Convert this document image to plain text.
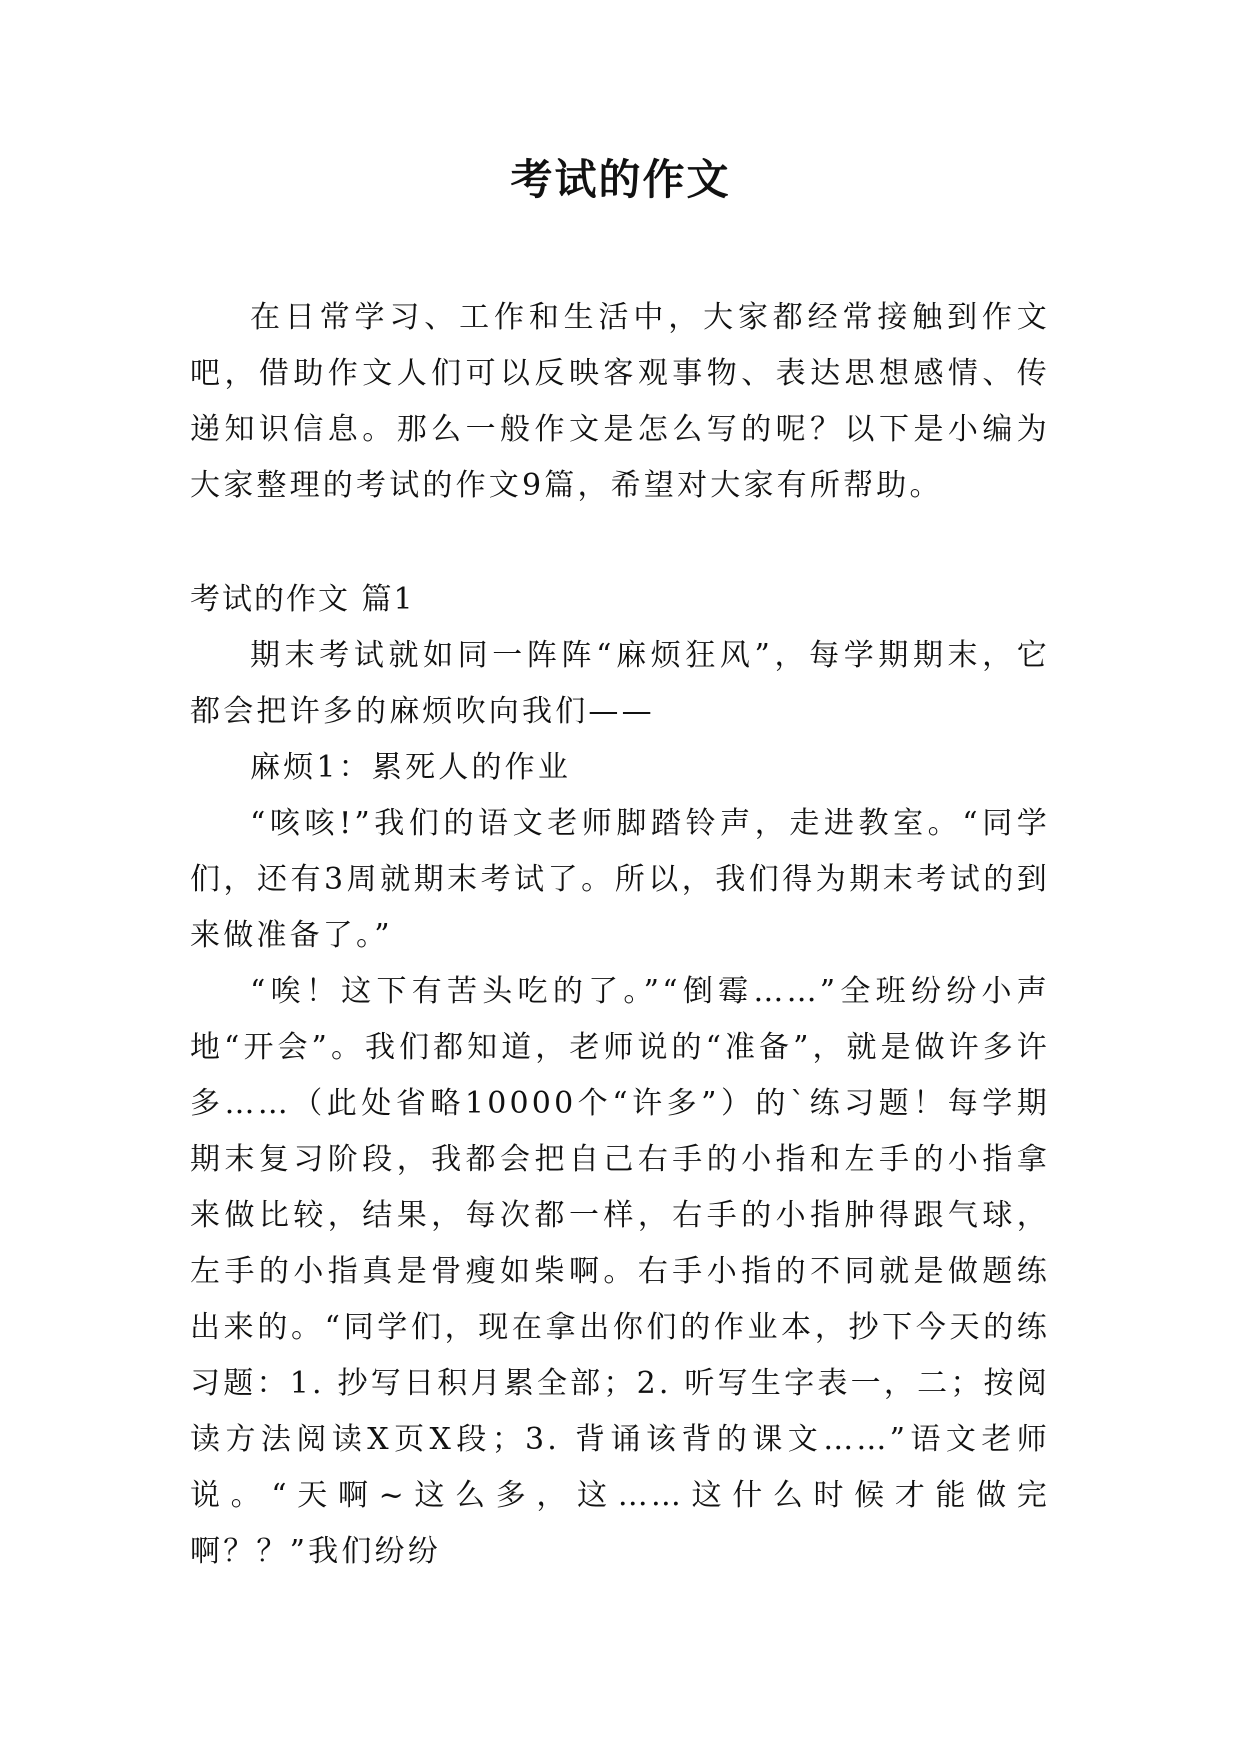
考试的作文

在日常学习、工作和生活中，大家都经常接触到作文吧，借助作文人们可以反映客观事物、表达思想感情、传递知识信息。那么一般作文是怎么写的呢？以下是小编为大家整理的考试的作文9篇，希望对大家有所帮助。

考试的作文 篇1

期末考试就如同一阵阵“麻烦狂风”，每学期期末，它都会把许多的麻烦吹向我们——

麻烦1：累死人的作业

“咳咳!”我们的语文老师脚踏铃声，走进教室。“同学们，还有3周就期末考试了。所以，我们得为期末考试的到来做准备了。”

“唉！这下有苦头吃的了。”“倒霉……”全班纷纷小声地“开会”。我们都知道，老师说的“准备”，就是做许多许多……（此处省略10000个“许多”）的`练习题！每学期期末复习阶段，我都会把自己右手的小指和左手的小指拿来做比较，结果，每次都一样，右手的小指肿得跟气球，左手的小指真是骨瘦如柴啊。右手小指的不同就是做题练出来的。“同学们，现在拿出你们的作业本，抄下今天的练习题：1. 抄写日积月累全部；2. 听写生字表一，二；按阅读方法阅读X页X段；3. 背诵该背的课文……”语文老师说。“天啊~这么多，这……这什么时候才能做完啊？？”我们纷纷
